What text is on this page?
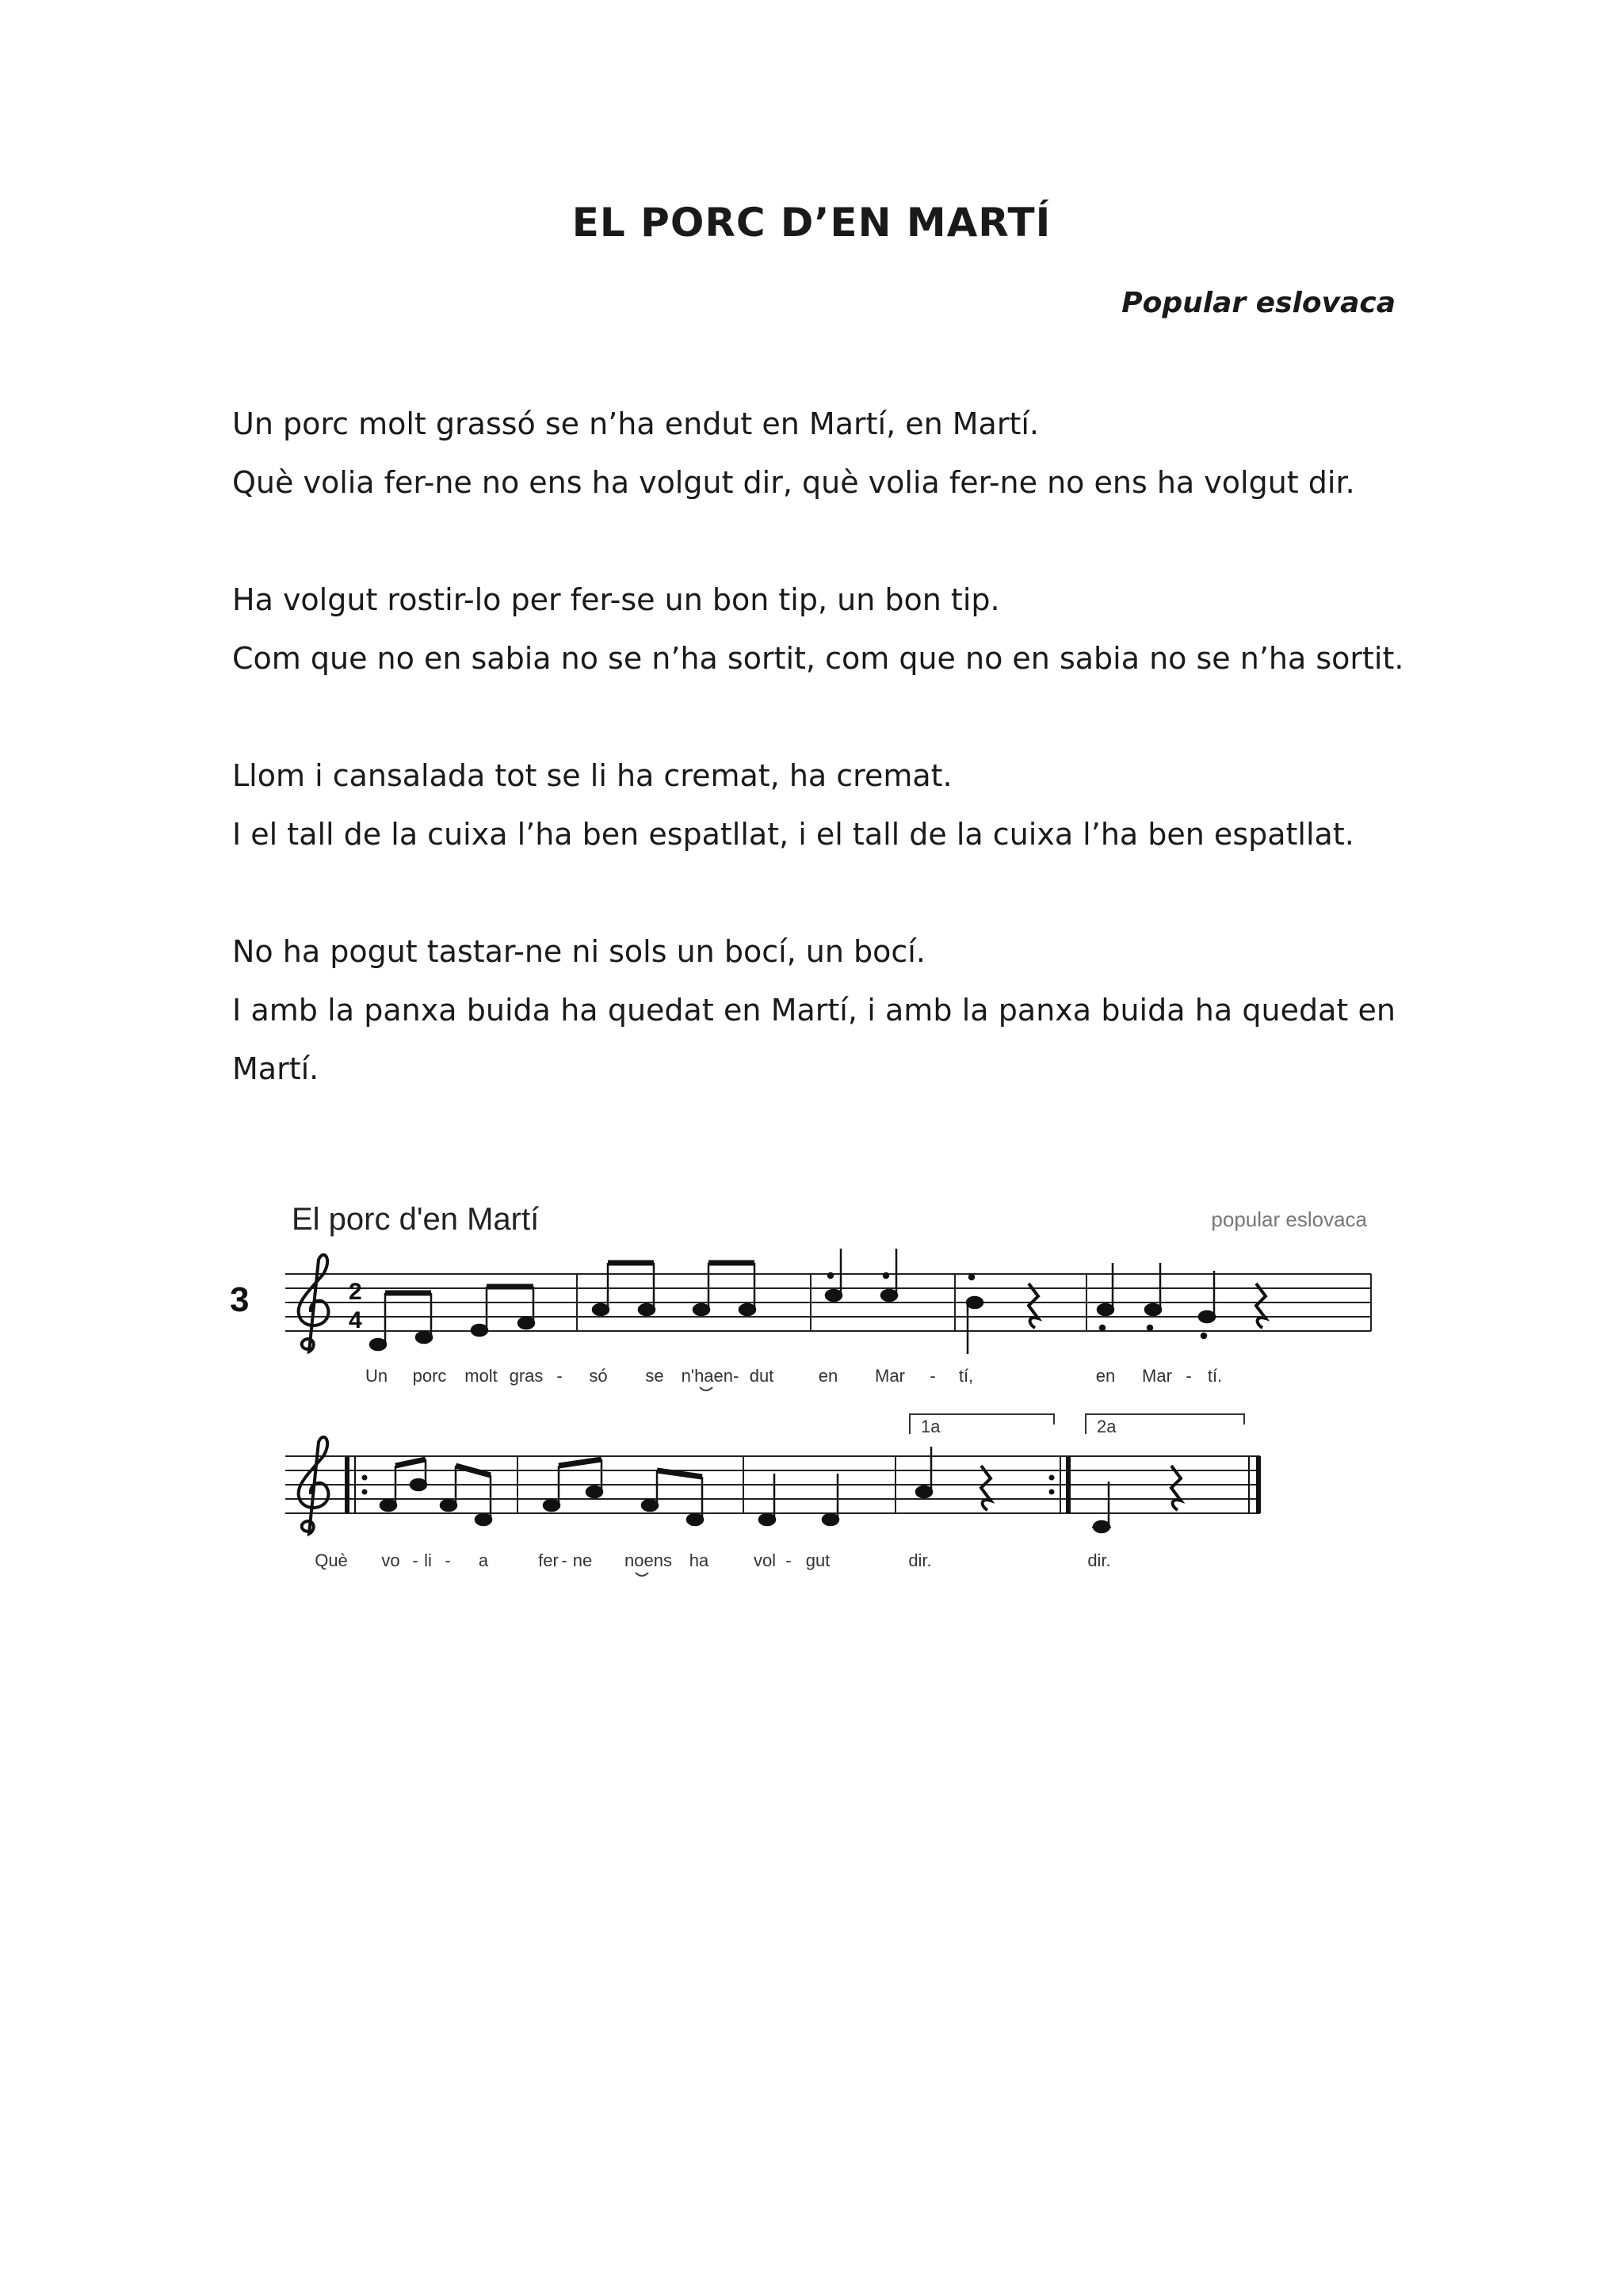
EL PORC D’EN MARTÍ
Popular eslovaca

Un porc molt grassó se n’ha endut en Martí, en Martí.
Què volia fer-ne no ens ha volgut dir, què volia fer-ne no ens ha volgut dir.

Ha volgut rostir-lo per fer-se un bon tip, un bon tip.
Com que no en sabia no se n’ha sortit, com que no en sabia no se n’ha sortit.

Llom i cansalada tot se li ha cremat, ha cremat.
I el tall de la cuixa l’ha ben espatllat, i el tall de la cuixa l’ha ben espatllat.

No ha pogut tastar-ne ni sols un bocí, un bocí.
I amb la panxa buida ha quedat en Martí, i amb la panxa buida ha quedat en Martí.

El porc d'en Martí	popular eslovaca
3	2
4
Un porc molt gras - só se n'haen- dut	en Mar - tí,	en Mar - tí.
1a	2a
Què vo - li - a	fer - ne noens ha	vol - gut	dir.	dir.
